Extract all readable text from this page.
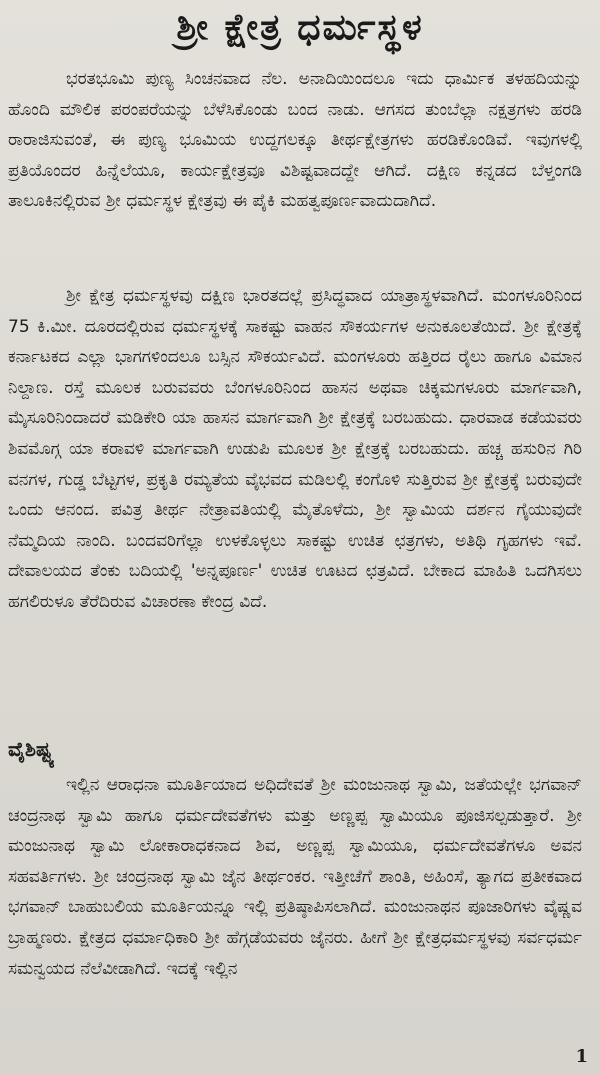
ಶ್ರೀ ಕ್ಷೇತ್ರ ಧರ್ಮಸ್ಥಳ

ಭರತಭೂಮಿ ಪುಣ್ಯ ಸಿಂಚನವಾದ ನೆಲ. ಅನಾದಿಯಿಂದಲೂ ಇದು ಧಾರ್ಮಿಕ ತಳಹದಿಯನ್ನು ಹೊಂದಿ ಮೌಲಿಕ ಪರಂಪರೆಯನ್ನು ಬೆಳೆಸಿಕೊಂಡು ಬಂದ ನಾಡು. ಆಗಸದ ತುಂಬೆಲ್ಲಾ ನಕ್ಷತ್ರಗಳು ಹರಡಿ ರಾರಾಜಿಸುವಂತೆ, ಈ ಪುಣ್ಯ ಭೂಮಿಯ ಉದ್ದಗಲಕ್ಕೂ ತೀರ್ಥಕ್ಷೇತ್ರಗಳು ಹರಡಿಕೊಂಡಿವೆ. ಇವುಗಳಲ್ಲಿ ಪ್ರತಿಯೊಂದರ ಹಿನ್ನೆಲೆಯೂ, ಕಾರ್ಯಕ್ಷೇತ್ರವೂ ವಿಶಿಷ್ಟವಾದದ್ದೇ ಆಗಿದೆ. ದಕ್ಷಿಣ ಕನ್ನಡದ ಬೆಳ್ತಂಗಡಿ ತಾಲೂಕಿನಲ್ಲಿರುವ ಶ್ರೀ ಧರ್ಮಸ್ಥಳ ಕ್ಷೇತ್ರವು ಈ ಪೈಕಿ ಮಹತ್ವಪೂರ್ಣವಾದುದಾಗಿದೆ.

ಶ್ರೀ ಕ್ಷೇತ್ರ ಧರ್ಮಸ್ಥಳವು ದಕ್ಷಿಣ ಭಾರತದಲ್ಲೆ ಪ್ರಸಿದ್ಧವಾದ ಯಾತ್ರಾಸ್ಥಳವಾಗಿದೆ. ಮಂಗಳೂರಿನಿಂದ 75 ಕಿ.ಮೀ. ದೂರದಲ್ಲಿರುವ ಧರ್ಮಸ್ಥಳಕ್ಕೆ ಸಾಕಷ್ಟು ವಾಹನ ಸೌಕರ್ಯಗಳ ಅನುಕೂಲತೆಯಿದೆ. ಶ್ರೀ ಕ್ಷೇತ್ರಕ್ಕೆ ಕರ್ನಾಟಕದ ಎಲ್ಲಾ ಭಾಗಗಳಿಂದಲೂ ಬಸ್ಸಿನ ಸೌಕರ್ಯವಿದೆ. ಮಂಗಳೂರು ಹತ್ತಿರದ ರೈಲು ಹಾಗೂ ವಿಮಾನ ನಿಲ್ದಾಣ. ರಸ್ತೆ ಮೂಲಕ ಬರುವವರು ಬೆಂಗಳೂರಿನಿಂದ ಹಾಸನ ಅಥವಾ ಚಿಕ್ಕಮಗಳೂರು ಮಾರ್ಗವಾಗಿ, ಮೈಸೂರಿನಿಂದಾದರೆ ಮಡಿಕೇರಿ ಯಾ ಹಾಸನ ಮಾರ್ಗವಾಗಿ ಶ್ರೀ ಕ್ಷೇತ್ರಕ್ಕೆ ಬರಬಹುದು. ಧಾರವಾಡ ಕಡೆಯವರು ಶಿವಮೊಗ್ಗ ಯಾ ಕರಾವಳಿ ಮಾರ್ಗವಾಗಿ ಉಡುಪಿ ಮೂಲಕ ಶ್ರೀ ಕ್ಷೇತ್ರಕ್ಕೆ ಬರಬಹುದು. ಹಚ್ಚ ಹಸುರಿನ ಗಿರಿ ವನಗಳ, ಗುಡ್ಡ ಬೆಟ್ಟಗಳ, ಪ್ರಕೃತಿ ರಮ್ಯತೆಯ ವೈಭವದ ಮಡಿಲಲ್ಲಿ ಕಂಗೊಳಿ ಸುತ್ತಿರುವ ಶ್ರೀ ಕ್ಷೇತ್ರಕ್ಕೆ ಬರುವುದೇ ಒಂದು ಆನಂದ. ಪವಿತ್ರ ತೀರ್ಥ ನೇತ್ರಾವತಿಯಲ್ಲಿ ಮೈತೊಳೆದು, ಶ್ರೀ ಸ್ವಾಮಿಯ ದರ್ಶನ ಗೈಯುವುದೇ ನೆಮ್ಮದಿಯ ನಾಂದಿ. ಬಂದವರಿಗೆಲ್ಲಾ ಉಳಕೊಳ್ಳಲು ಸಾಕಷ್ಟು ಉಚಿತ ಛತ್ರಗಳು, ಅತಿಥಿ ಗೃಹಗಳು ಇವೆ. ದೇವಾಲಯದ ತೆಂಕು ಬದಿಯಲ್ಲಿ 'ಅನ್ನಪೂರ್ಣ' ಉಚಿತ ಊಟದ ಛತ್ರವಿದೆ. ಬೇಕಾದ ಮಾಹಿತಿ ಒದಗಿಸಲು ಹಗಲಿರುಳೂ ತೆರೆದಿರುವ ವಿಚಾರಣಾ ಕೇಂದ್ರ ವಿದೆ.

ವೈಶಿಷ್ಟ್ಯ

ಇಲ್ಲಿನ ಆರಾಧನಾ ಮೂರ್ತಿಯಾದ ಅಧಿದೇವತೆ ಶ್ರೀ ಮಂಜುನಾಥ ಸ್ವಾಮಿ, ಜತೆಯಲ್ಲೇ ಭಗವಾನ್ ಚಂದ್ರನಾಥ ಸ್ವಾಮಿ ಹಾಗೂ ಧರ್ಮದೇವತೆಗಳು ಮತ್ತು ಅಣ್ಣಪ್ಪ ಸ್ವಾಮಿಯೂ ಪೂಜಿಸಲ್ಪಡುತ್ತಾರೆ. ಶ್ರೀ ಮಂಜುನಾಥ ಸ್ವಾಮಿ ಲೋಕಾರಾಧಕನಾದ ಶಿವ, ಅಣ್ಣಪ್ಪ ಸ್ವಾಮಿಯೂ, ಧರ್ಮದೇವತೆಗಳೂ ಅವನ ಸಹವರ್ತಿಗಳು. ಶ್ರೀ ಚಂದ್ರನಾಥ ಸ್ವಾಮಿ ಜೈನ ತೀರ್ಥಂಕರ. ಇತ್ತೀಚೆಗೆ ಶಾಂತಿ, ಅಹಿಂಸೆ, ತ್ಯಾಗದ ಪ್ರತೀಕವಾದ ಭಗವಾನ್ ಬಾಹುಬಲಿಯ ಮೂರ್ತಿಯನ್ನೂ ಇಲ್ಲಿ ಪ್ರತಿಷ್ಠಾಪಿಸಲಾಗಿದೆ. ಮಂಜುನಾಥನ ಪೂಜಾರಿಗಳು ವೈಷ್ಣವ ಬ್ರಾಹ್ಮಣರು. ಕ್ಷೇತ್ರದ ಧರ್ಮಾಧಿಕಾರಿ ಶ್ರೀ ಹೆಗ್ಗಡೆಯವರು ಜೈನರು. ಹೀಗೆ ಶ್ರೀ ಕ್ಷೇತ್ರಧರ್ಮಸ್ಥಳವು ಸರ್ವಧರ್ಮ ಸಮನ್ವಯದ ನೆಲೆವೀಡಾಗಿದೆ. ಇದಕ್ಕೆ ಇಲ್ಲಿನ

1
